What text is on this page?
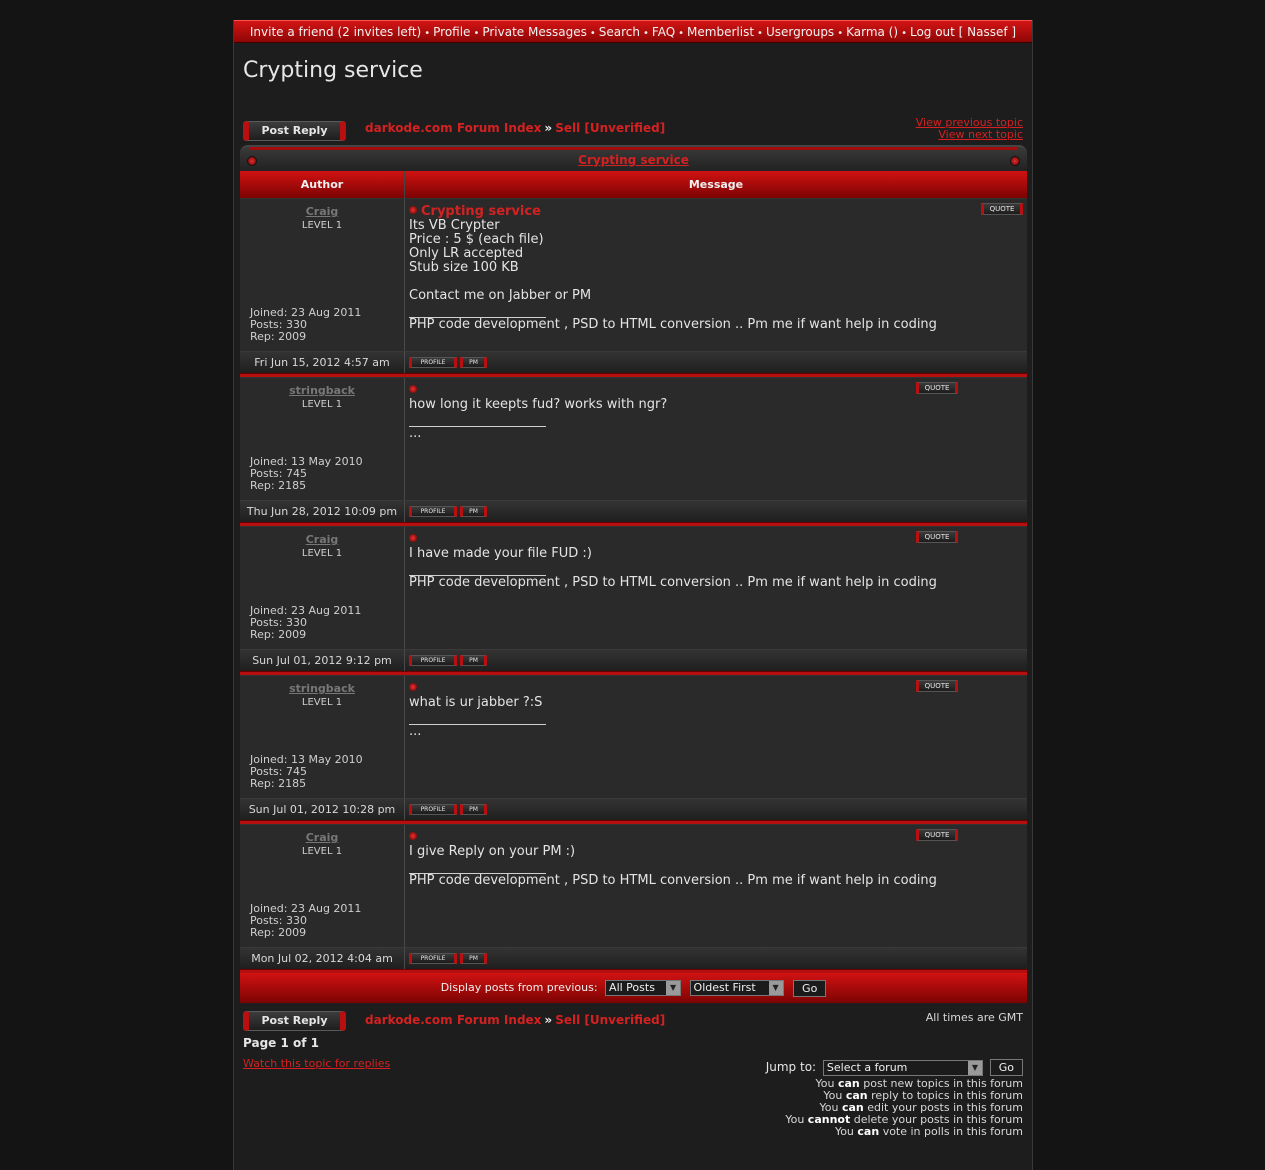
Invite a friend (2 invites left) • Profile • Private Messages • Search • FAQ • Memberlist • Usergroups • Karma () • Log out [ Nassef ]
Crypting service
Post Reply	darkode.com Forum Index » Sell [Unverified]	View previous topic
View next topic
Crypting service
Author	Message
Craig
LEVEL 1
Joined: 23 Aug 2011
Posts: 330
Rep: 2009
Crypting service
Its VB Crypter
Price : 5 $ (each file)
Only LR accepted
Stub size 100 KB
Contact me on Jabber or PM
PHP code development , PSD to HTML conversion .. Pm me if want help in coding
QUOTE
Fri Jun 15, 2012 4:57 am	PROFILE	PM
stringback
LEVEL 1
Joined: 13 May 2010
Posts: 745
Rep: 2185
how long it keepts fud? works with ngr?
...
QUOTE
Thu Jun 28, 2012 10:09 pm	PROFILE	PM
Craig
LEVEL 1
Joined: 23 Aug 2011
Posts: 330
Rep: 2009
I have made your file FUD :)
PHP code development , PSD to HTML conversion .. Pm me if want help in coding
QUOTE
Sun Jul 01, 2012 9:12 pm	PROFILE	PM
stringback
LEVEL 1
Joined: 13 May 2010
Posts: 745
Rep: 2185
what is ur jabber ?:S
...
QUOTE
Sun Jul 01, 2012 10:28 pm	PROFILE	PM
Craig
LEVEL 1
Joined: 23 Aug 2011
Posts: 330
Rep: 2009
I give Reply on your PM :)
PHP code development , PSD to HTML conversion .. Pm me if want help in coding
QUOTE
Mon Jul 02, 2012 4:04 am	PROFILE	PM
Display posts from previous: All Posts	▼	Oldest First	▼	Go
Post Reply	darkode.com Forum Index » Sell [Unverified]	All times are GMT
Page 1 of 1
Watch this topic for replies	Jump to: Select a forum	▼	Go
You can post new topics in this forum
You can reply to topics in this forum
You can edit your posts in this forum
You cannot delete your posts in this forum
You can vote in polls in this forum
